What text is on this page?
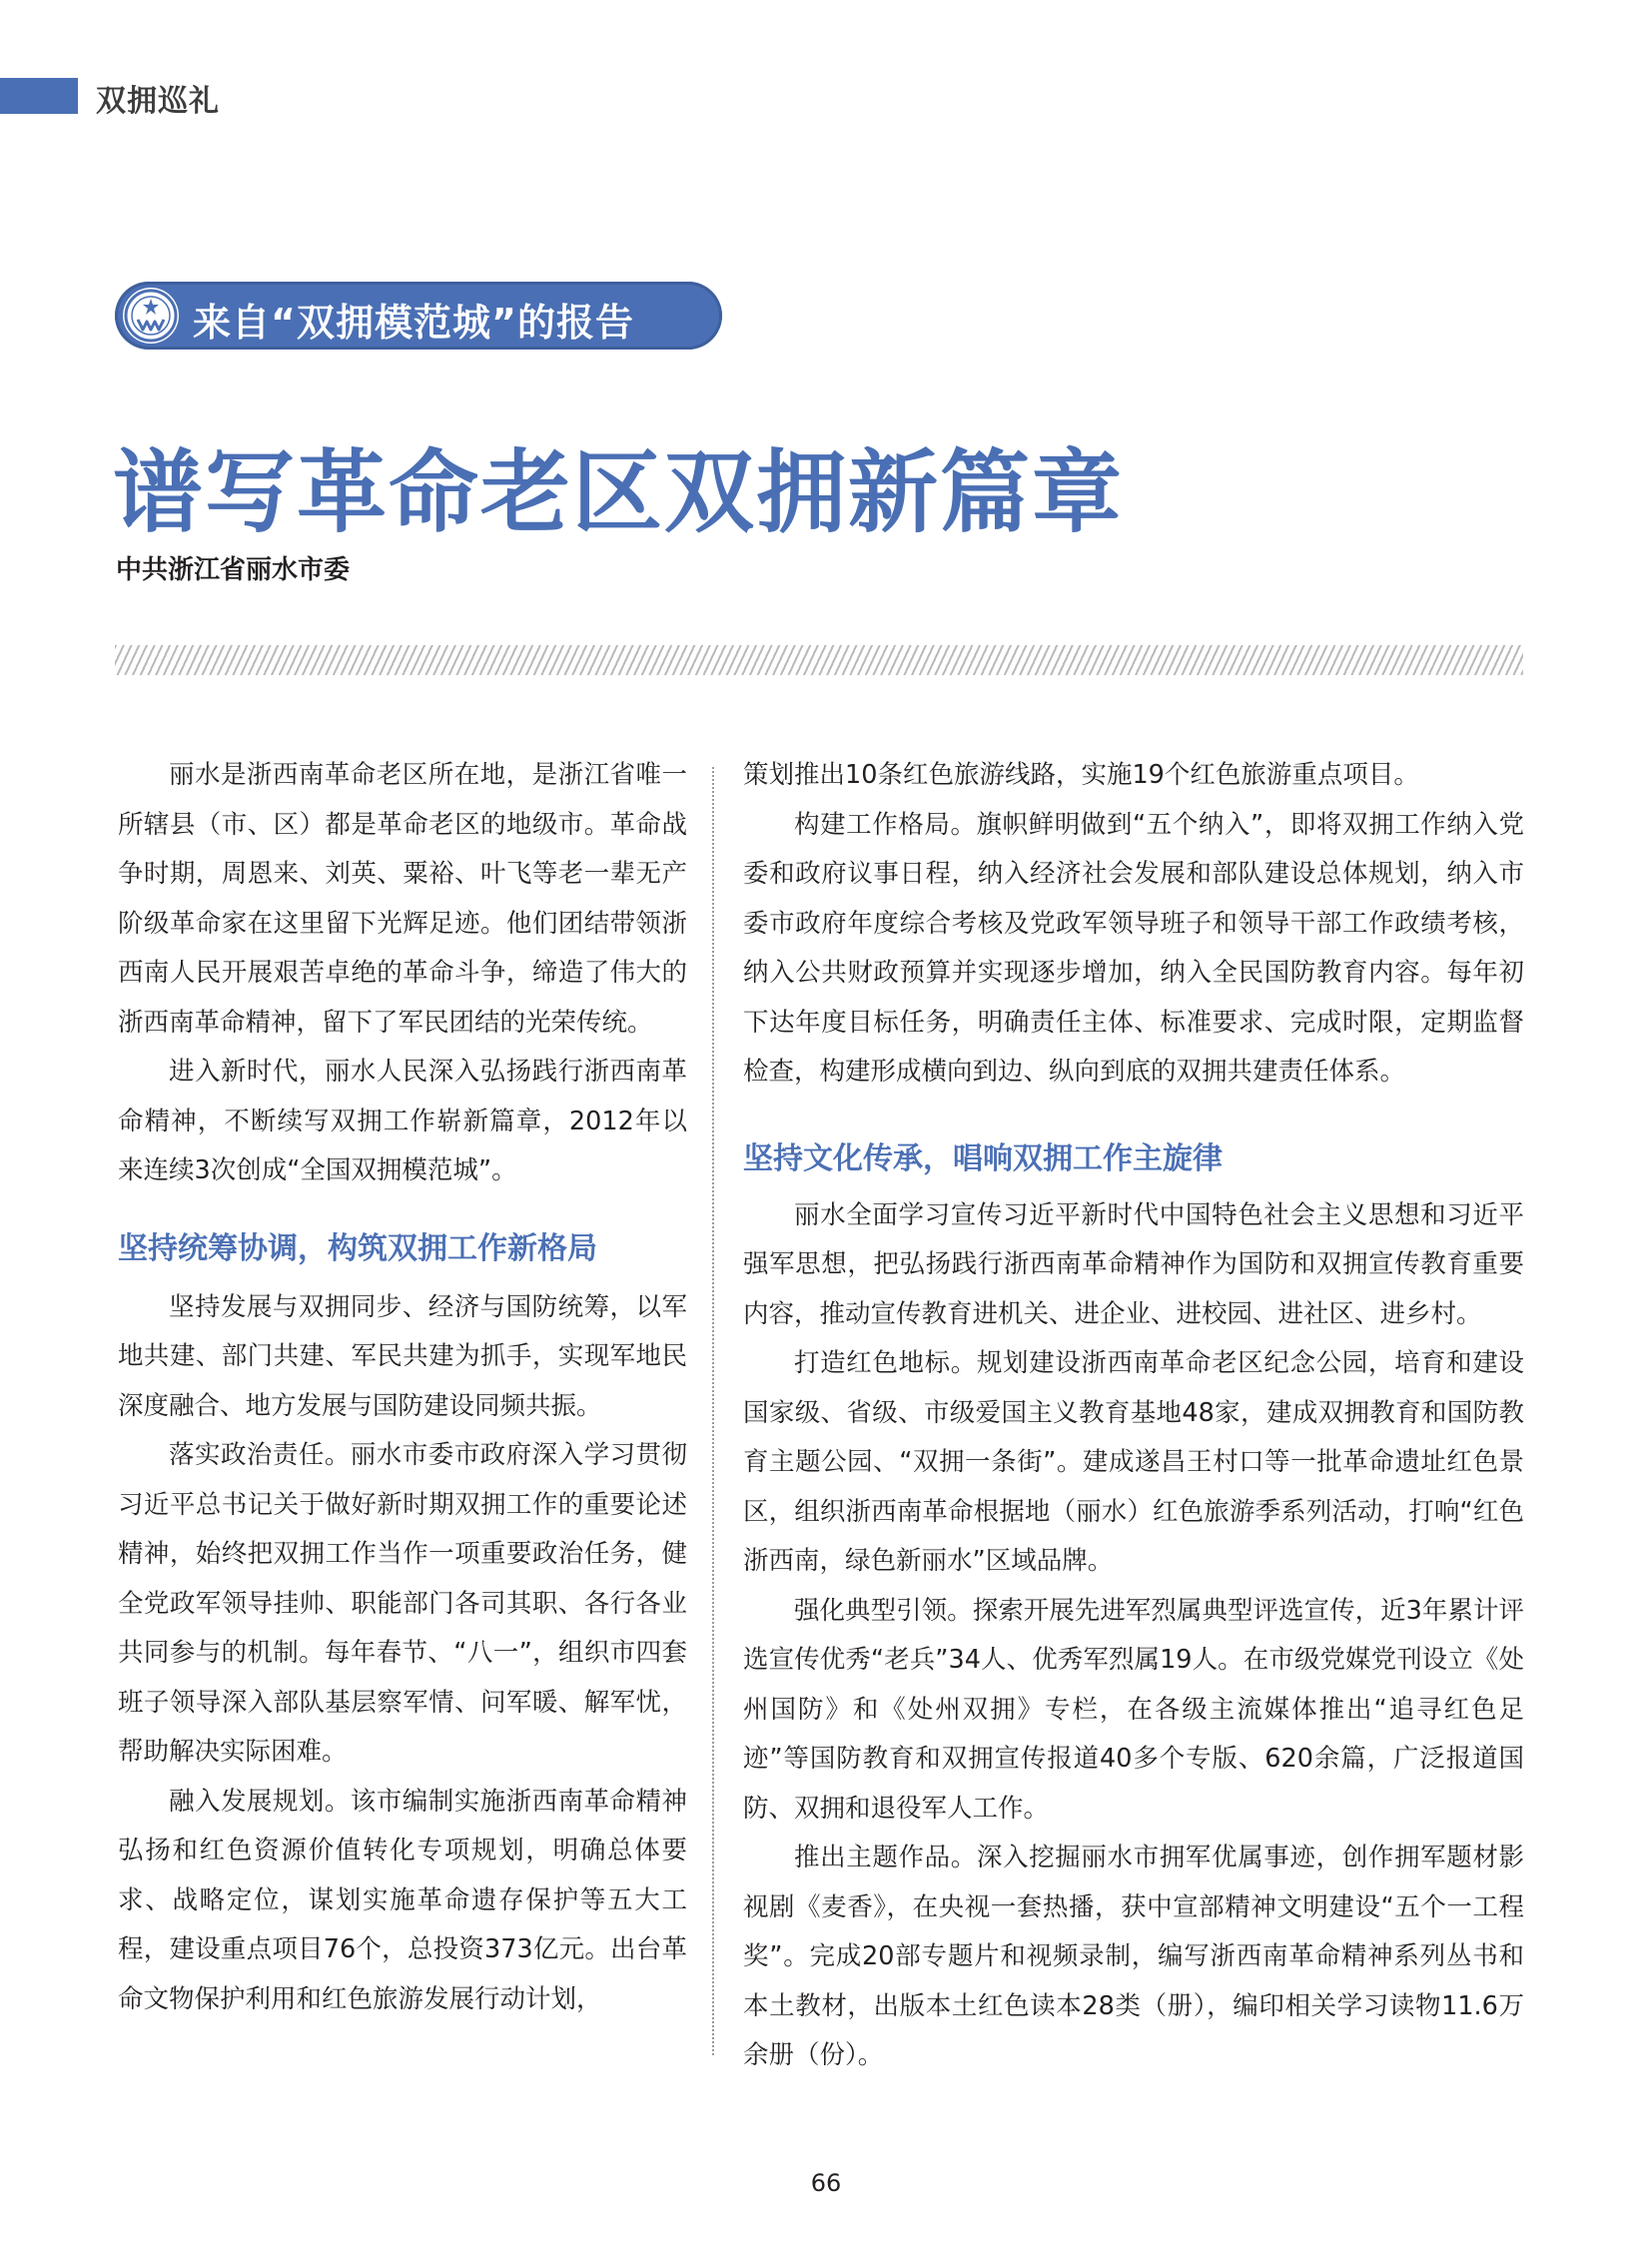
双拥巡礼
来自“双拥模范城”的报告
谱写革命老区双拥新篇章
中共浙江省丽水市委

丽水是浙西南革命老区所在地，是浙江省唯一所辖县（市、区）都是革命老区的地级市。革命战争时期，周恩来、刘英、粟裕、叶飞等老一辈无产阶级革命家在这里留下光辉足迹。他们团结带领浙西南人民开展艰苦卓绝的革命斗争，缔造了伟大的浙西南革命精神，留下了军民团结的光荣传统。

进入新时代，丽水人民深入弘扬践行浙西南革命精神，不断续写双拥工作崭新篇章，2012年以来连续3次创成“全国双拥模范城”。

坚持统筹协调，构筑双拥工作新格局

坚持发展与双拥同步、经济与国防统筹，以军地共建、部门共建、军民共建为抓手，实现军地民深度融合、地方发展与国防建设同频共振。

落实政治责任。丽水市委市政府深入学习贯彻习近平总书记关于做好新时期双拥工作的重要论述精神，始终把双拥工作当作一项重要政治任务，健全党政军领导挂帅、职能部门各司其职、各行各业共同参与的机制。每年春节、“八一”，组织市四套班子领导深入部队基层察军情、问军暖、解军忧，帮助解决实际困难。

融入发展规划。该市编制实施浙西南革命精神弘扬和红色资源价值转化专项规划，明确总体要求、战略定位，谋划实施革命遗存保护等五大工程，建设重点项目76个，总投资373亿元。出台革命文物保护利用和红色旅游发展行动计划，

策划推出10条红色旅游线路，实施19个红色旅游重点项目。

构建工作格局。旗帜鲜明做到“五个纳入”，即将双拥工作纳入党委和政府议事日程，纳入经济社会发展和部队建设总体规划，纳入市委市政府年度综合考核及党政军领导班子和领导干部工作政绩考核，纳入公共财政预算并实现逐步增加，纳入全民国防教育内容。每年初下达年度目标任务，明确责任主体、标准要求、完成时限，定期监督检查，构建形成横向到边、纵向到底的双拥共建责任体系。

坚持文化传承，唱响双拥工作主旋律

丽水全面学习宣传习近平新时代中国特色社会主义思想和习近平强军思想，把弘扬践行浙西南革命精神作为国防和双拥宣传教育重要内容，推动宣传教育进机关、进企业、进校园、进社区、进乡村。

打造红色地标。规划建设浙西南革命老区纪念公园，培育和建设国家级、省级、市级爱国主义教育基地48家，建成双拥教育和国防教育主题公园、“双拥一条街”。建成遂昌王村口等一批革命遗址红色景区，组织浙西南革命根据地（丽水）红色旅游季系列活动，打响“红色浙西南，绿色新丽水”区域品牌。

强化典型引领。探索开展先进军烈属典型评选宣传，近3年累计评选宣传优秀“老兵”34人、优秀军烈属19人。在市级党媒党刊设立《处州国防》和《处州双拥》专栏，在各级主流媒体推出“追寻红色足迹”等国防教育和双拥宣传报道40多个专版、620余篇，广泛报道国防、双拥和退役军人工作。

推出主题作品。深入挖掘丽水市拥军优属事迹，创作拥军题材影视剧《麦香》，在央视一套热播，获中宣部精神文明建设“五个一工程奖”。完成20部专题片和视频录制，编写浙西南革命精神系列丛书和本土教材，出版本土红色读本28类（册），编印相关学习读物11.6万余册（份）。

66
